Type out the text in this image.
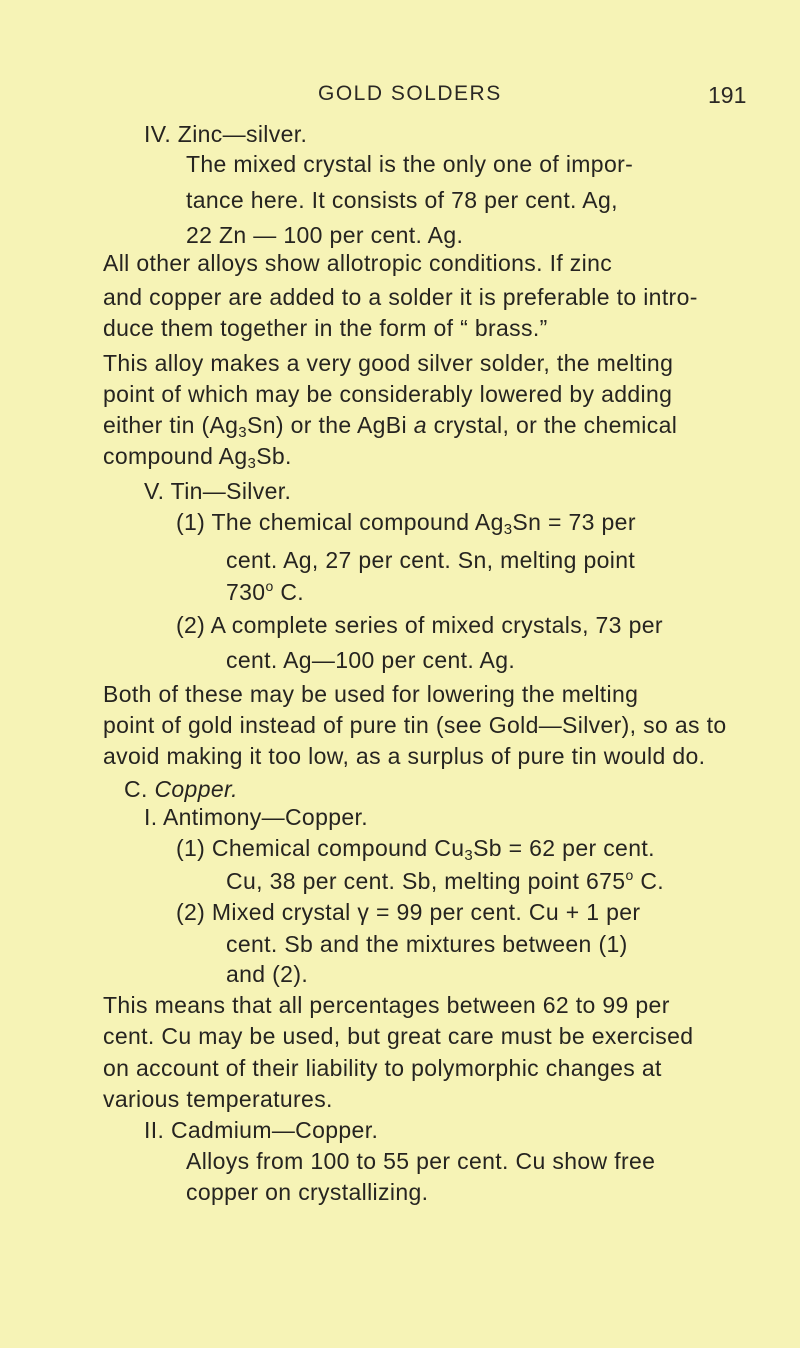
GOLD SOLDERS	191
IV. Zinc—silver.
The mixed crystal is the only one of impor-
tance here. It consists of 78 per cent. Ag,
22 Zn — 100 per cent. Ag.
All other alloys show allotropic conditions. If zinc
and copper are added to a solder it is preferable to intro-
duce them together in the form of “ brass.”
This alloy makes a very good silver solder, the melting
point of which may be considerably lowered by adding
either tin $(Ag_3Sn)$ or the AgBi a crystal, or the chemical
compound $Ag_3Sb$.
V. Tin—Silver.
(1) The chemical compound $Ag_3Sn = 73$ per
cent. Ag, 27 per cent. Sn, melting point
730$^o$ C.
(2) A complete series of mixed crystals, 73 per
cent. Ag—100 per cent. Ag.
Both of these may be used for lowering the melting
point of gold instead of pure tin (see Gold—Silver), so as to
avoid making it too low, as a surplus of pure tin would do.
C. Copper.
I. Antimony—Copper.
(1) Chemical compound $Cu_3Sb = 62$ per cent.
Cu, 38 per cent. Sb, melting point 675$^o$ C.
(2) Mixed crystal γ = 99 per cent. Cu + 1 per
cent. Sb and the mixtures between (1)
and (2).
This means that all percentages between 62 to 99 per
cent. Cu may be used, but great care must be exercised
on account of their liability to polymorphic changes at
various temperatures.
II. Cadmium—Copper.
Alloys from 100 to 55 per cent. Cu show free
copper on crystallizing.
